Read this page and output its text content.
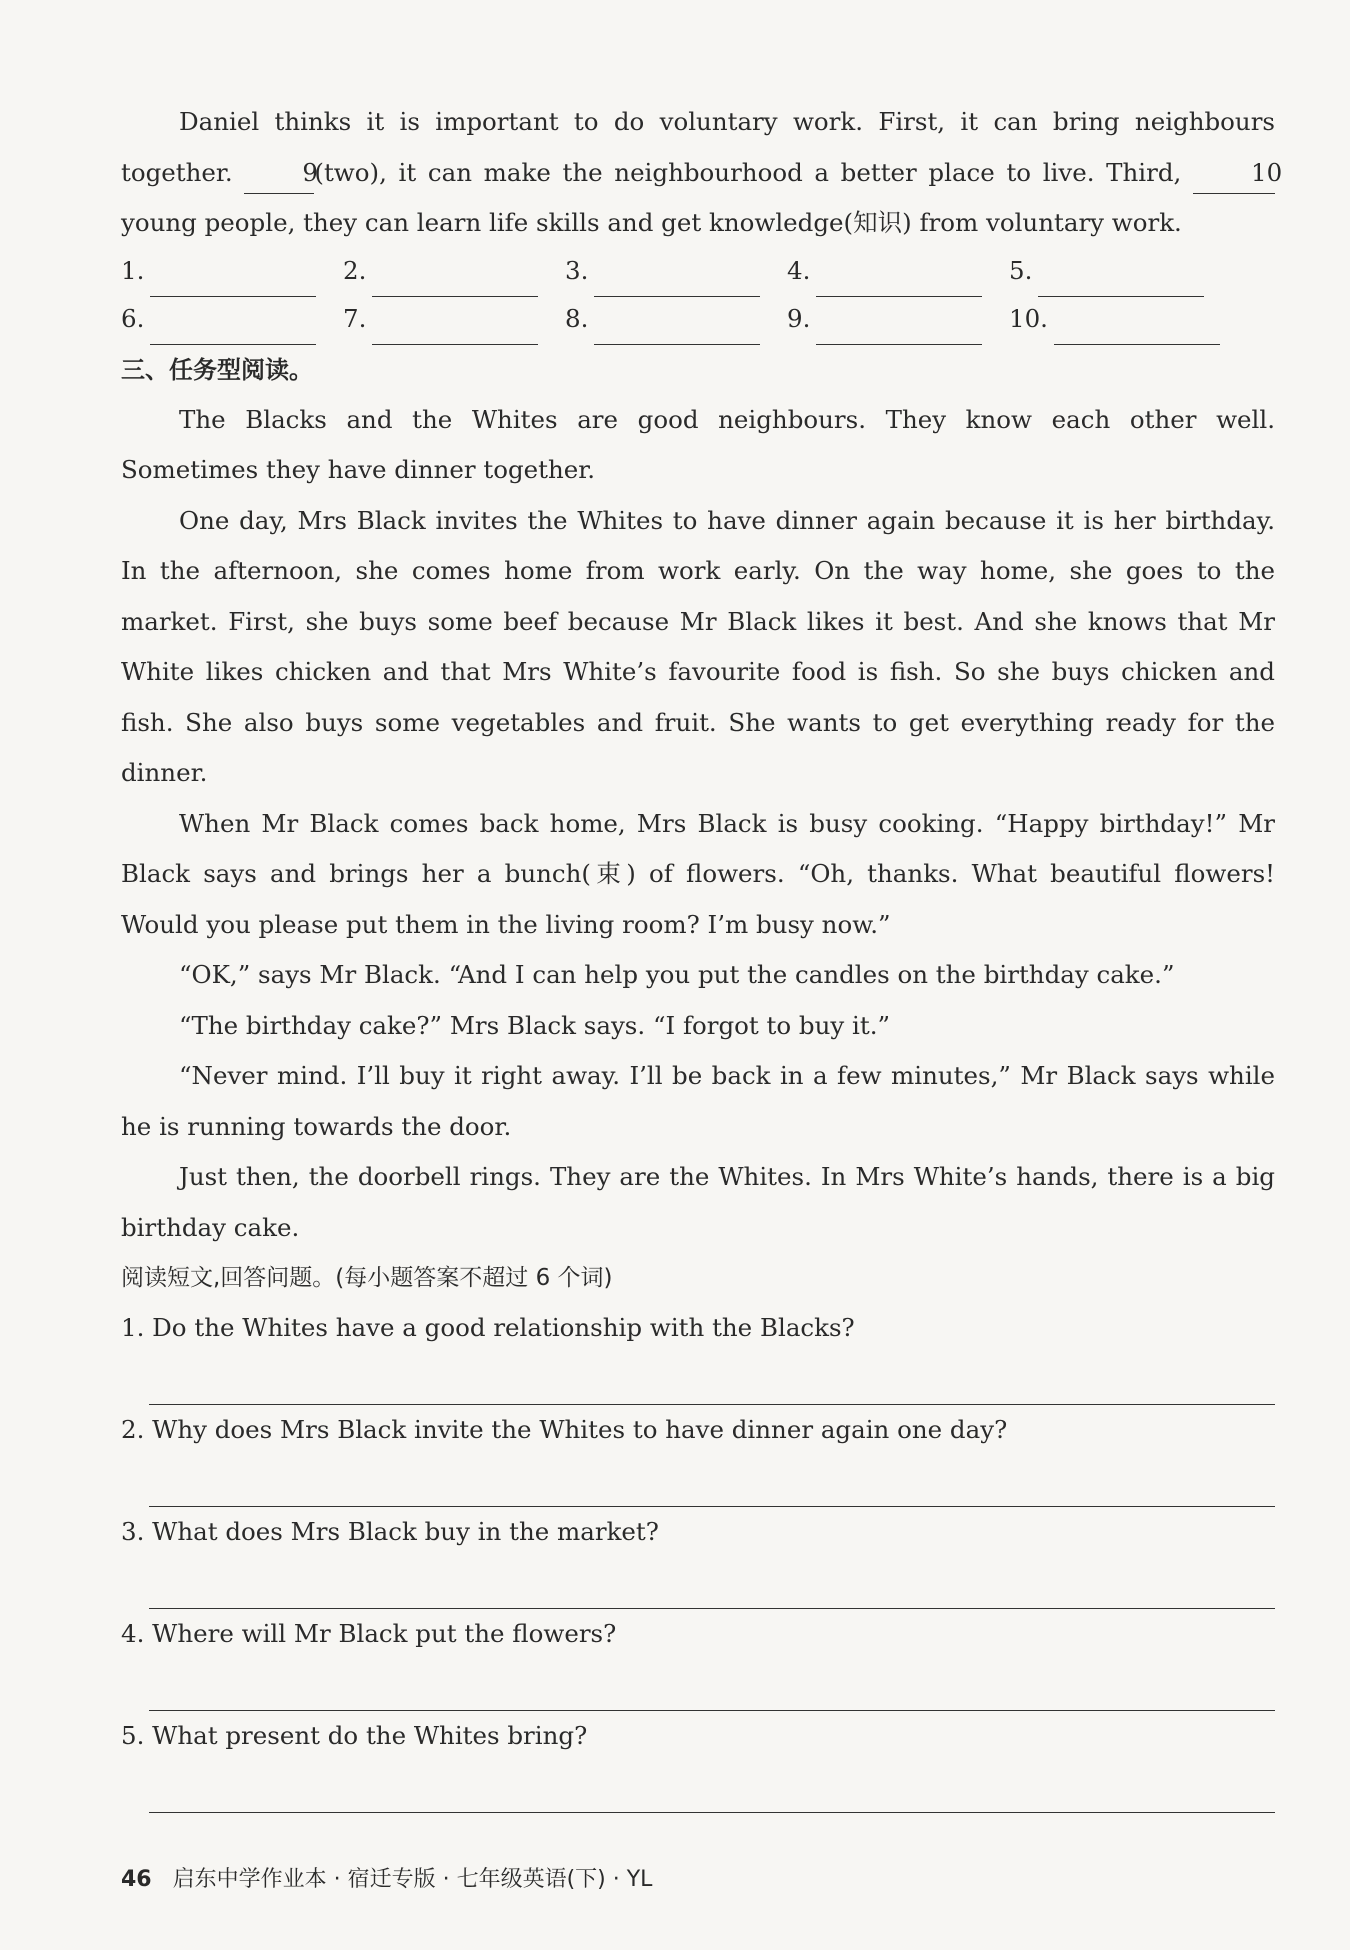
Daniel thinks it is important to do voluntary work. First, it can bring neighbours together.	9(two), it can make the neighbourhood a better place to live. Third,	10 young people, they can learn life skills and get knowledge(知识) from voluntary work.

1.	2.	3.	4.	5.
6.	7.	8.	9.	10.
三、任务型阅读。

The Blacks and the Whites are good neighbours. They know each other well. Sometimes they have dinner together.

One day, Mrs Black invites the Whites to have dinner again because it is her birthday. In the afternoon, she comes home from work early. On the way home, she goes to the market. First, she buys some beef because Mr Black likes it best. And she knows that Mr White likes chicken and that Mrs White’s favourite food is fish. So she buys chicken and fish. She also buys some vegetables and fruit. She wants to get everything ready for the dinner.

When Mr Black comes back home, Mrs Black is busy cooking. “Happy birthday!” Mr Black says and brings her a bunch(束) of flowers. “Oh, thanks. What beautiful flowers! Would you please put them in the living room? I’m busy now.”

“OK,” says Mr Black. “And I can help you put the candles on the birthday cake.”

“The birthday cake?” Mrs Black says. “I forgot to buy it.”

“Never mind. I’ll buy it right away. I’ll be back in a few minutes,” Mr Black says while he is running towards the door.

Just then, the doorbell rings. They are the Whites. In Mrs White’s hands, there is a big birthday cake.

阅读短文,回答问题。(每小题答案不超过 6 个词)
1. Do the Whites have a good relationship with the Blacks?
2. Why does Mrs Black invite the Whites to have dinner again one day?
3. What does Mrs Black buy in the market?
4. Where will Mr Black put the flowers?
5. What present do the Whites bring?
46 启东中学作业本 · 宿迁专版 · 七年级英语(下) · YL
